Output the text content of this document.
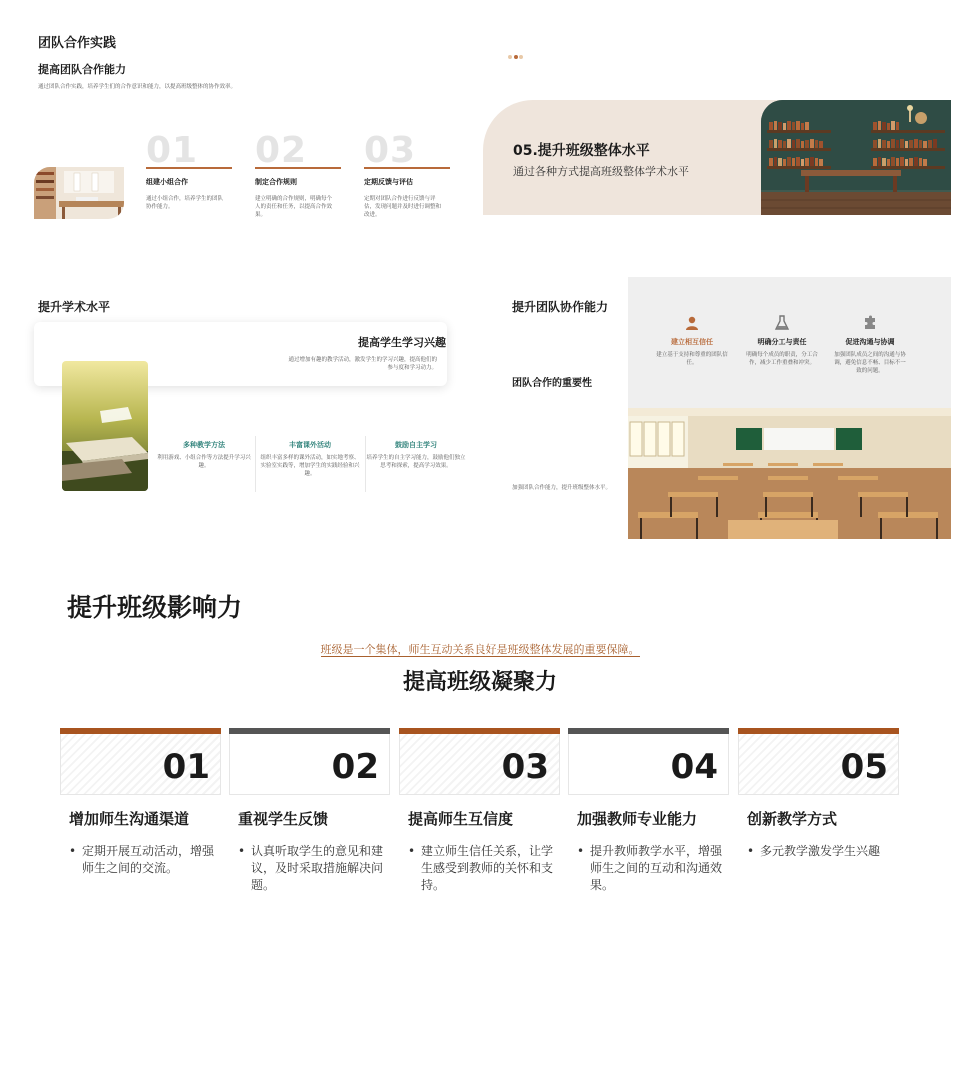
团队合作实践
提高团队合作能力
通过团队合作实践，培养学生们的合作意识和能力，以提高班级整体的协作效率。
01
组建小组合作
通过小组合作，培养学生的团队协作能力。
02
制定合作规则
建立明确的合作规则，明确每个人的责任和任务，以提高合作效果。
03
定期反馈与评估
定期对团队合作进行反馈与评估，发现问题并及时进行调整和改进。
05.提升班级整体水平
通过各种方式提高班级整体学术水平
提升学术水平
提高学生学习兴趣
通过增加有趣的教学活动，激发学生的学习兴趣，提高他们的参与度和学习动力。
多种教学方法
利用游戏、小组合作等方法提升学习兴趣。
丰富课外活动
组织丰富多样的课外活动，如实地考察、实验室实践等，增加学生的实践经验和兴趣。
鼓励自主学习
培养学生的自主学习能力，鼓励他们独立思考和探索，提高学习效果。
提升团队协作能力
团队合作的重要性
加强团队合作能力，提升班级整体水平。
建立相互信任
建立基于支持和尊重的团队信任。
明确分工与责任
明确每个成员的职责，分工合作，减少工作重叠和冲突。
促进沟通与协调
加强团队成员之间的沟通与协调，避免信息不畅、目标不一致的问题。
提升班级影响力
班级是一个集体，师生互动关系良好是班级整体发展的重要保障。
提高班级凝聚力
01
增加师生沟通渠道
• 定期开展互动活动，增强师生之间的交流。
02
重视学生反馈
• 认真听取学生的意见和建议，及时采取措施解决问题。
03
提高师生互信度
• 建立师生信任关系，让学生感受到教师的关怀和支持。
04
加强教师专业能力
• 提升教师教学水平，增强师生之间的互动和沟通效果。
05
创新教学方式
• 多元教学激发学生兴趣
